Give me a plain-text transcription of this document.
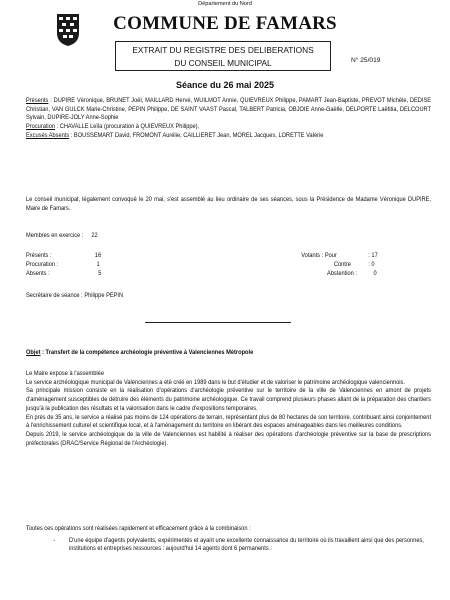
Département du Nord
COMMUNE DE FAMARS
EXTRAIT DU REGISTRE DES DELIBERATIONS
DU CONSEIL MUNICIPAL	N° 25/019
Séance du 26 mai 2025

Présents : DUPIRE Véronique, BRUNET Joël, MAILLARD Hervé, WUILMOT Annie, QUIEVREUX Philippe, PAMART Jean-Baptiste, PREVOT Michèle, DEDISE Christian, VAN GULCK Marie-Christine, PEPIN Philippe, DE SAINT VAAST Pascal, TALBERT Patricia, OBJOIE Anne-Gaëlle, DELPORTE Laëtitia, DELCOURT Sylvain, DUPIRE-JOLY Anne-Sophie

Procuration : CHAVALLE Leïla (procuration à QUIEVREUX Philippe),

Excusés Absents : BOUSSEMART David, FROMONT Aurélie, CAILLIERET Jean, MOREL Jacques, LORETTE Valérie

Le conseil municipal, légalement convoqué le 20 mai, s'est assemblé au lieu ordinaire de ses séances, sous la Présidence de Madame Véronique DUPIRE, Maire de Famars.

Membres en exercice : 22
Présents :	16	Votants : Pour	: 17
Procuration :	1	Contre	: 0
Absents :	5	Abstention : 0

Secrétaire de séance : Philippe PEPIN

Objet : Transfert de la compétence archéologie préventive à Valenciennes Métropole

Le Maire expose à l'assemblée

Le service archéologique municipal de Valenciennes a été créé en 1989 dans le but d'étudier et de valoriser le patrimoine archéologique valenciennois.

Sa principale mission consiste en la réalisation d'opérations d'archéologie préventive sur le territoire de la ville de Valenciennes en amont de projets d'aménagement susceptibles de détruire des éléments du patrimoine archéologique. Ce travail comprend plusieurs phases allant de la préparation des chantiers jusqu'à la publication des résultats et la valorisation dans le cadre d'expositions temporaires.

En près de 35 ans, le service a réalisé pas moins de 124 opérations de terrain, représentant plus de 80 hectares de son territoire, contribuant ainsi conjointement à l'enrichissement culturel et scientifique local, et à l'aménagement du territoire en libérant des espaces aménageables dans les meilleures conditions.

Depuis 2019, le service archéologique de la ville de Valenciennes est habilité à réaliser des opérations d'archéologie préventive sur la base de prescriptions préfectorales (DRAC/Service Régional de l'Archéologie).

Toutes ces opérations sont réalisées rapidement et efficacement grâce à la combinaison :

- D'une équipe d'agents polyvalents, expérimentés et ayant une excellente connaissance du territoire où ils travaillent ainsi que des personnes, institutions et entreprises ressources : aujourd'hui 14 agents dont 6 permanents :
